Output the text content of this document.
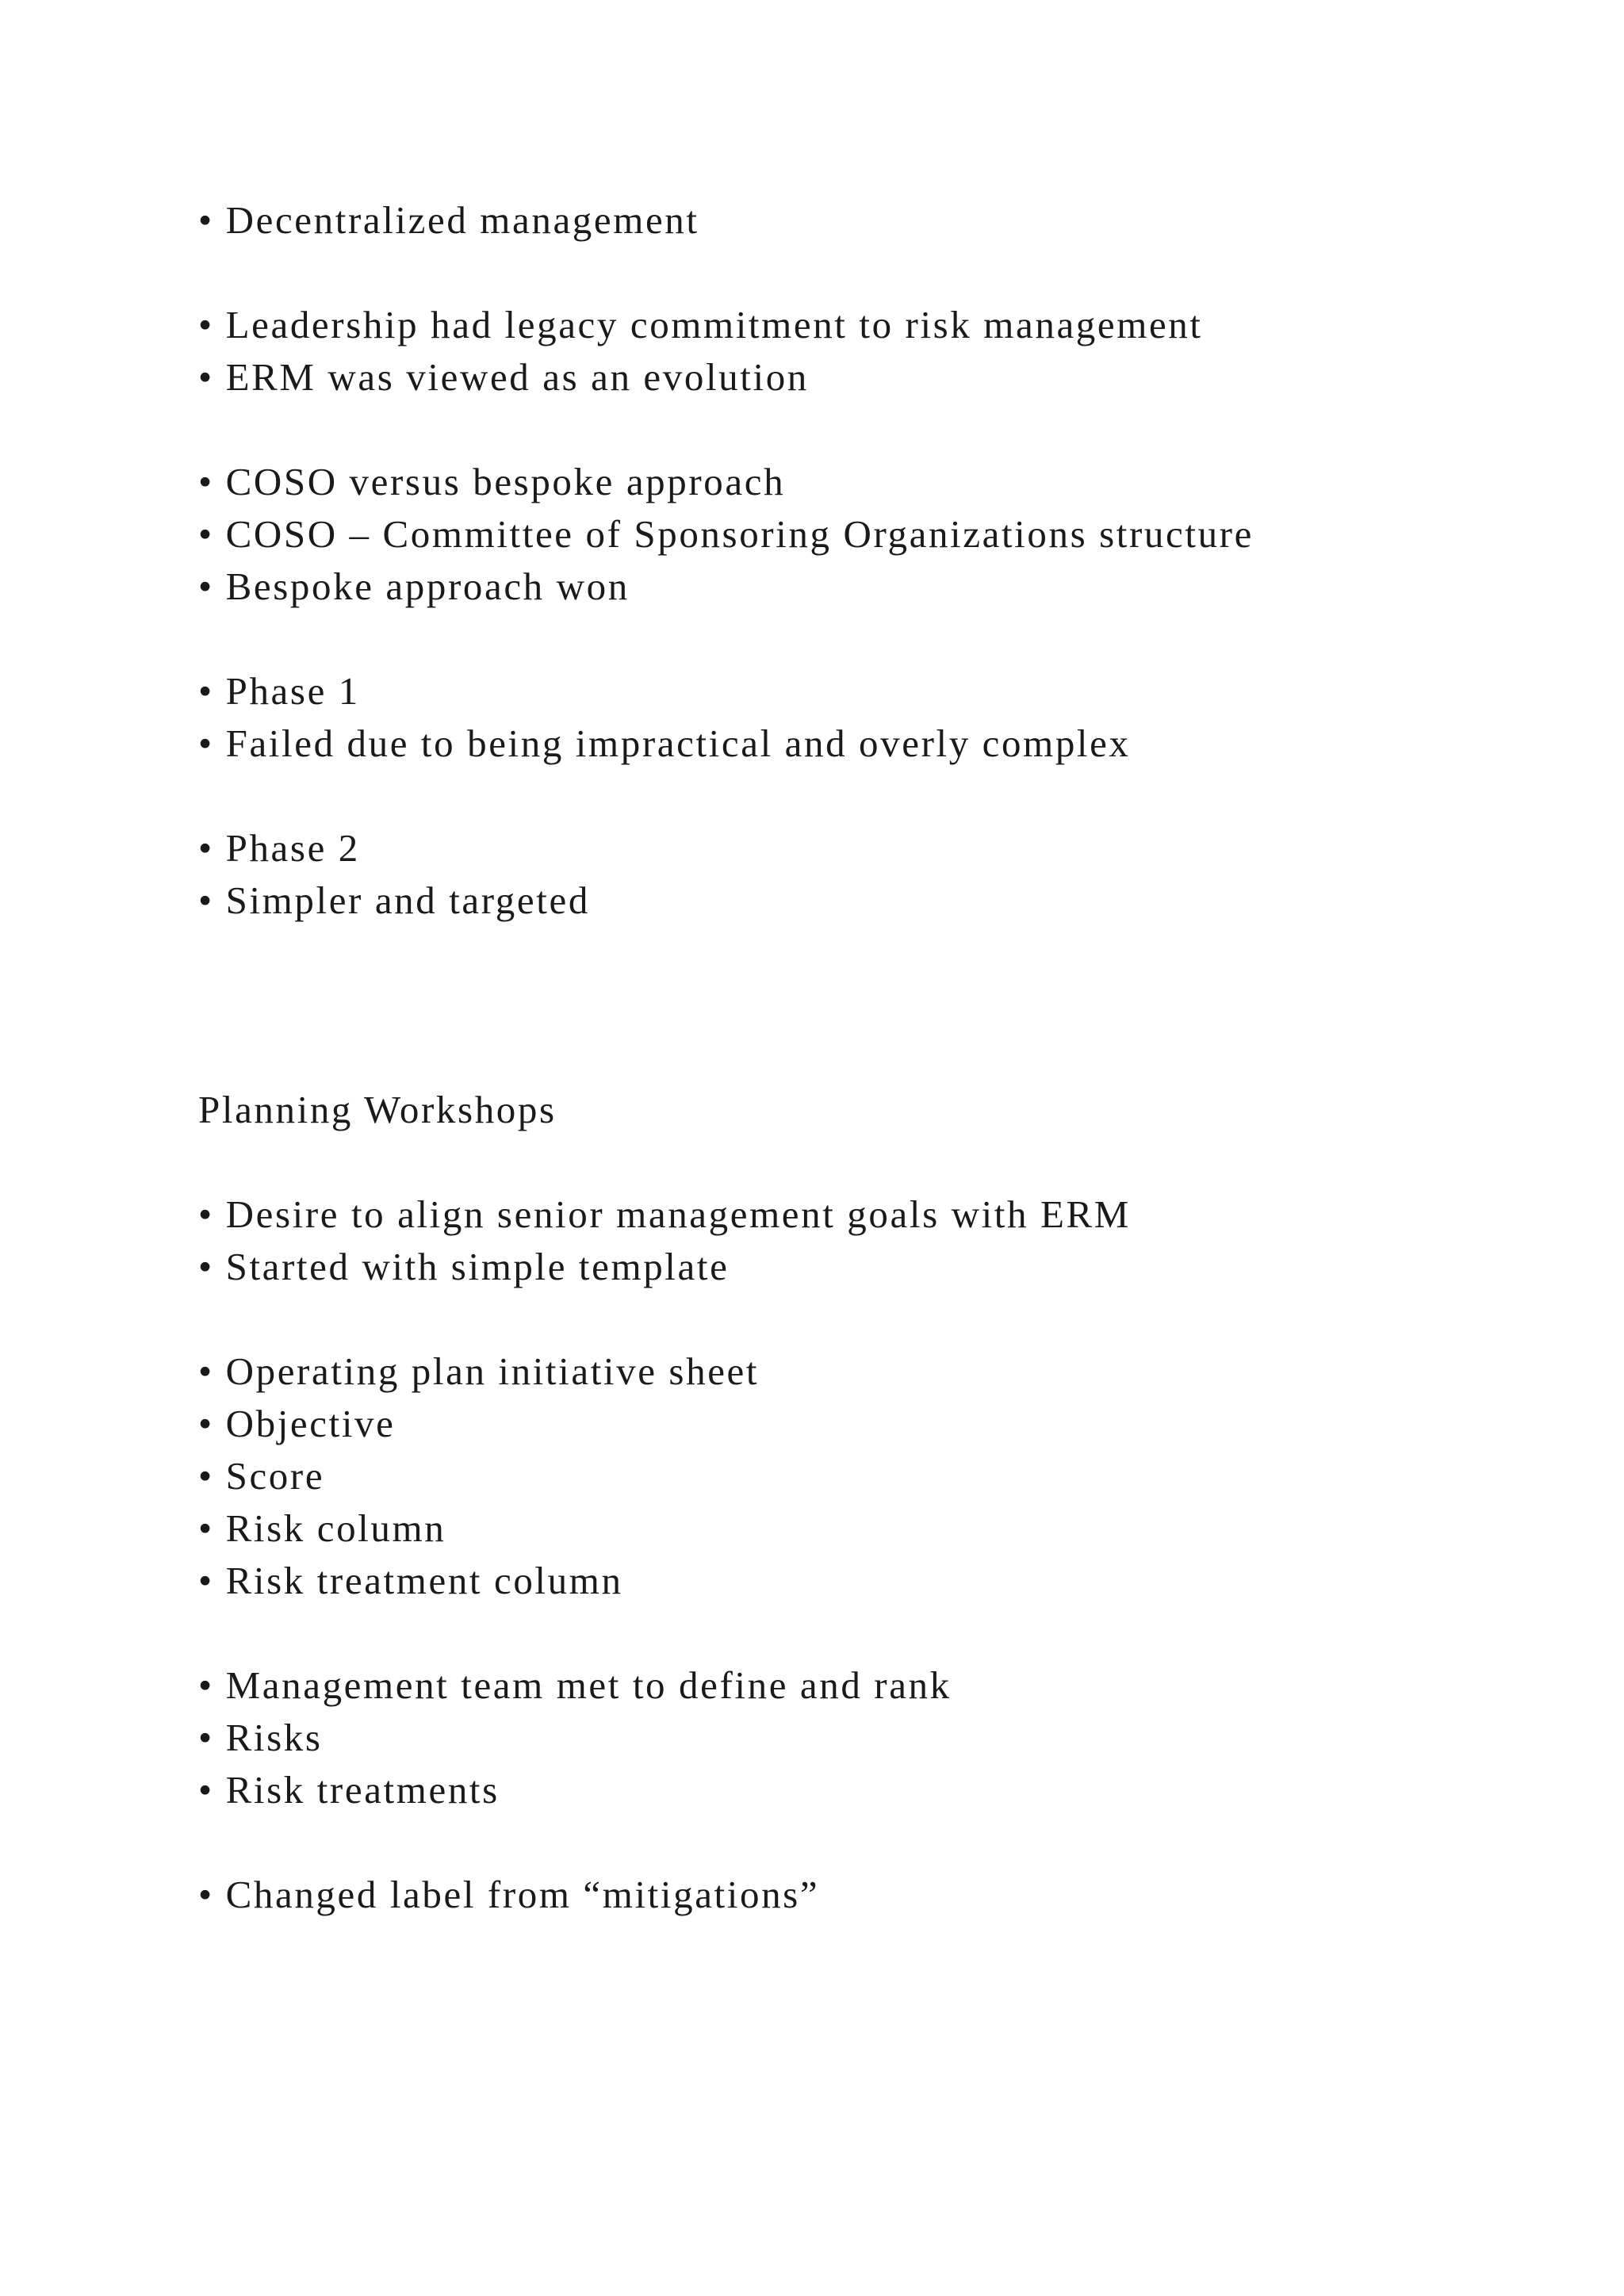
• Decentralized management
• Leadership had legacy commitment to risk management
• ERM was viewed as an evolution
• COSO versus bespoke approach
• COSO – Committee of Sponsoring Organizations structure
• Bespoke approach won
• Phase 1
• Failed due to being impractical and overly complex
• Phase 2
• Simpler and targeted
Planning Workshops
• Desire to align senior management goals with ERM
• Started with simple template
• Operating plan initiative sheet
• Objective
• Score
• Risk column
• Risk treatment column
• Management team met to define and rank
• Risks
• Risk treatments
• Changed label from “mitigations”
